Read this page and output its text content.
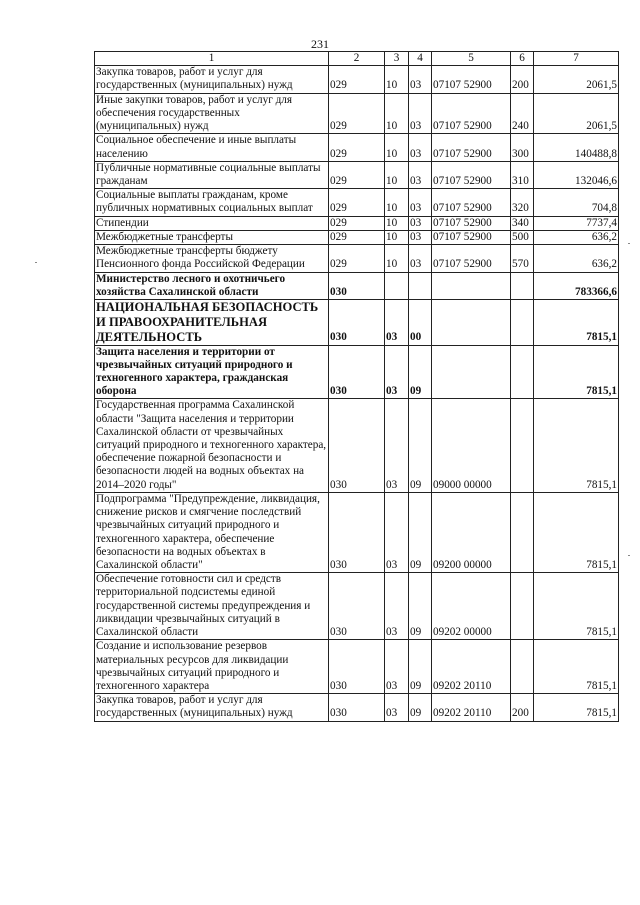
231
1	2	3	4	5	6	7
Закупка товаров, работ и услуг для государственных (муниципальных) нужд	029	10	03	07107 52900	200	2061,5
Иные закупки товаров, работ и услуг для обеспечения государственных (муниципальных) нужд	029	10	03	07107 52900	240	2061,5
Социальное обеспечение и иные выплаты населению	029	10	03	07107 52900	300	140488,8
Публичные нормативные социальные выплаты гражданам	029	10	03	07107 52900	310	132046,6
Социальные выплаты гражданам, кроме публичных нормативных социальных выплат	029	10	03	07107 52900	320	704,8
Стипендии	029	10	03	07107 52900	340	7737,4
Межбюджетные трансферты	029	10	03	07107 52900	500	636,2
Межбюджетные трансферты бюджету Пенсионного фонда Российской Федерации	029	10	03	07107 52900	570	636,2
Министерство лесного и охотничьего хозяйства Сахалинской области	030					783366,6
НАЦИОНАЛЬНАЯ БЕЗОПАСНОСТЬ И ПРАВООХРАНИТЕЛЬНАЯ ДЕЯТЕЛЬНОСТЬ	030	03	00			7815,1
Защита населения и территории от чрезвычайных ситуаций природного и техногенного характера, гражданская оборона	030	03	09			7815,1
Государственная программа Сахалинской области "Защита населения и территории Сахалинской области от чрезвычайных ситуаций природного и техногенного характера, обеспечение пожарной безопасности и безопасности людей на водных объектах на 2014–2020 годы"	030	03	09	09000 00000		7815,1
Подпрограмма "Предупреждение, ликвидация, снижение рисков и смягчение последствий чрезвычайных ситуаций природного и техногенного характера, обеспечение безопасности на водных объектах в Сахалинской области"	030	03	09	09200 00000		7815,1
Обеспечение готовности сил и средств территориальной подсистемы единой государственной системы предупреждения и ликвидации чрезвычайных ситуаций в Сахалинской области	030	03	09	09202 00000		7815,1
Создание и использование резервов материальных ресурсов для ликвидации чрезвычайных ситуаций природного и техногенного характера	030	03	09	09202 20110		7815,1
Закупка товаров, работ и услуг для государственных (муниципальных) нужд	030	03	09	09202 20110	200	7815,1
